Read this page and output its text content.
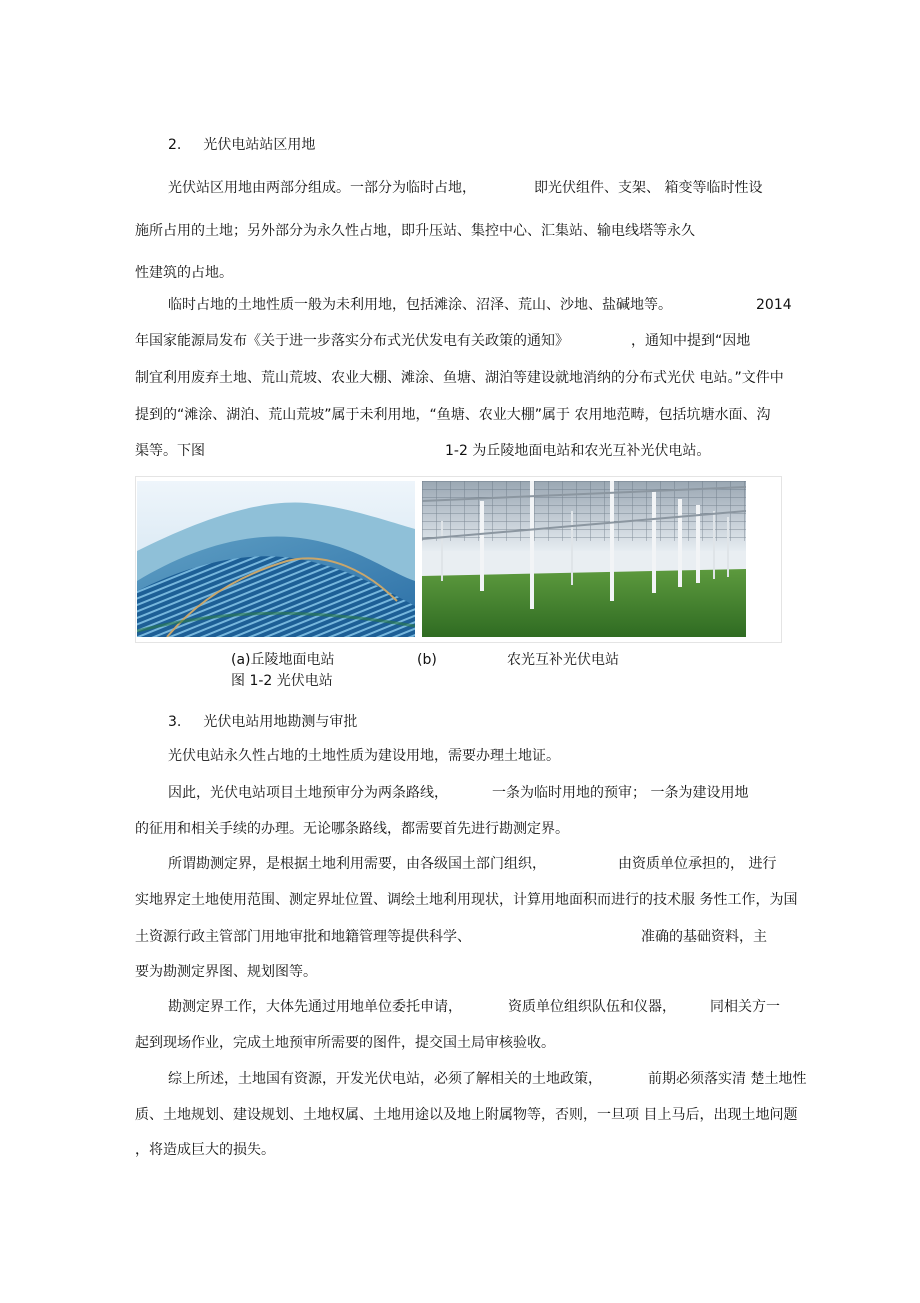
2. 光伏电站站区用地
光伏站区用地由两部分组成。一部分为临时占地，	即光伏组件、支架、 箱变等临时性设
施所占用的土地；另外部分为永久性占地，即升压站、集控中心、汇集站、输电线塔等永久
性建筑的占地。
临时占地的土地性质一般为未利用地，包括滩涂、沼泽、荒山、沙地、盐碱地等。	2014
年国家能源局发布《关于进一步落实分布式光伏发电有关政策的通知》	，通知中提到“因地
制宜利用废弃土地、荒山荒坡、农业大棚、滩涂、鱼塘、湖泊等建设就地消纳的分布式光伏 电站。”文件中
提到的“滩涂、湖泊、荒山荒坡”属于未利用地，“鱼塘、农业大棚”属于 农用地范畴，包括坑塘水面、沟
渠等。下图	1-2 为丘陵地面电站和农光互补光伏电站。
(a)丘陵地面电站	(b)	农光互补光伏电站
图 1-2 光伏电站
3. 光伏电站用地勘测与审批
光伏电站永久性占地的土地性质为建设用地，需要办理土地证。
因此，光伏电站项目土地预审分为两条路线，	一条为临时用地的预审； 一条为建设用地
的征用和相关手续的办理。无论哪条路线，都需要首先进行勘测定界。
所谓勘测定界，是根据土地利用需要，由各级国土部门组织，	由资质单位承担的， 进行
实地界定土地使用范围、测定界址位置、调绘土地利用现状，计算用地面积而进行的技术服 务性工作，为国
土资源行政主管部门用地审批和地籍管理等提供科学、	准确的基础资料，主
要为勘测定界图、规划图等。
勘测定界工作，大体先通过用地单位委托申请，	资质单位组织队伍和仪器， 同相关方一
起到现场作业，完成土地预审所需要的图件，提交国土局审核验收。
综上所述，土地国有资源，开发光伏电站，必须了解相关的土地政策，	前期必须落实清 楚土地性
质、土地规划、建设规划、土地权属、土地用途以及地上附属物等，否则，一旦项 目上马后，出现土地问题
，将造成巨大的损失。
